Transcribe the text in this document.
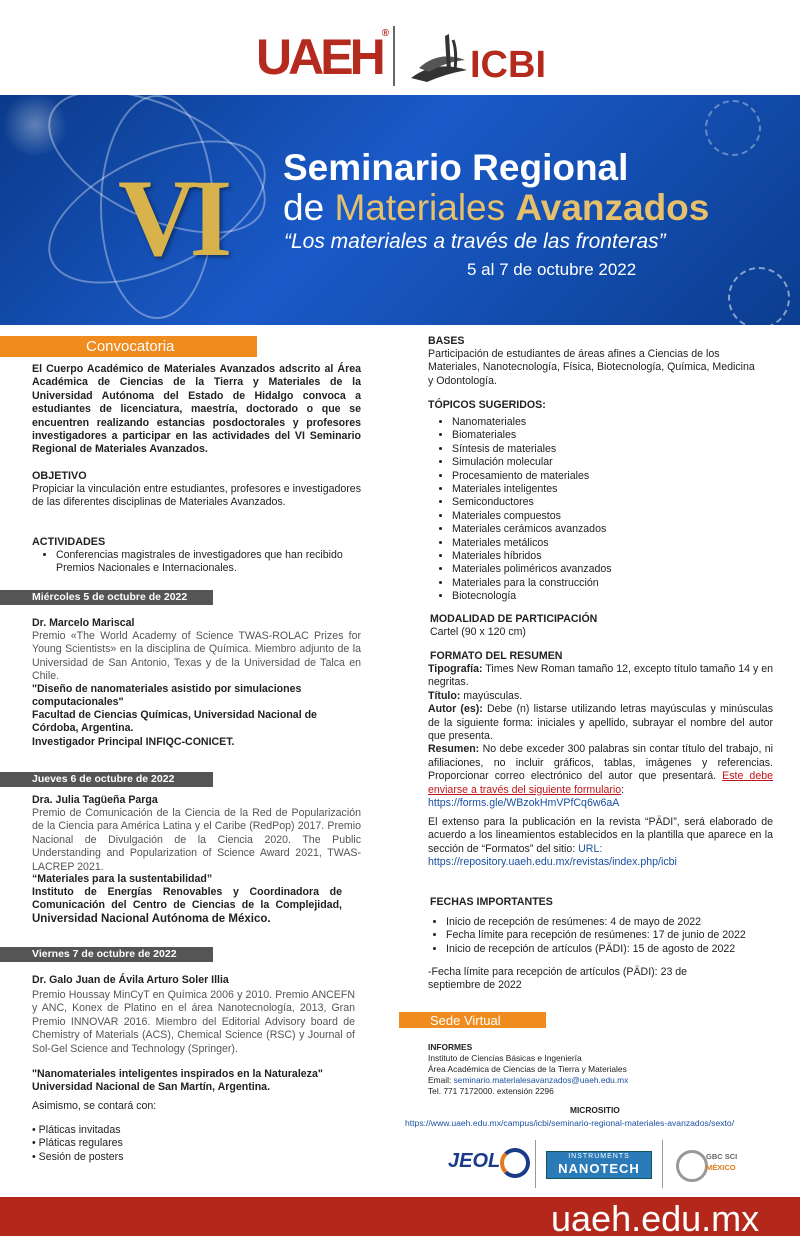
UAEH®
ICBI
VI Seminario Regional
de Materiales Avanzados
“Los materiales a través de las fronteras”
5 al 7 de octubre 2022
Convocatoria
El Cuerpo Académico de Materiales Avanzados adscrito al Área Académica de Ciencias de la Tierra y Materiales de la Universidad Autónoma del Estado de Hidalgo convoca a estudiantes de licenciatura, maestría, doctorado o que se encuentren realizando estancias posdoctorales y profesores investigadores a participar en las actividades del VI Seminario Regional de Materiales Avanzados.
OBJETIVO
Propiciar la vinculación entre estudiantes, profesores e investigadores de las diferentes disciplinas de Materiales Avanzados.
ACTIVIDADES
• Conferencias magistrales de investigadores que han recibido Premios Nacionales e Internacionales.
Miércoles 5 de octubre de 2022
Dr. Marcelo Mariscal
Premio «The World Academy of Science TWAS-ROLAC Prizes for Young Scientists» en la disciplina de Química. Miembro adjunto de la Universidad de San Antonio, Texas y de la Universidad de Talca en Chile.
"Diseño de nanomateriales asistido por simulaciones computacionales"
Facultad de Ciencias Químicas, Universidad Nacional de Córdoba, Argentina.
Investigador Principal INFIQC-CONICET.
Jueves 6 de octubre de 2022
Dra. Julia Tagüeña Parga
Premio de Comunicación de la Ciencia de la Red de Popularización de la Ciencia para América Latina y el Caribe (RedPop) 2017. Premio Nacional de Divulgación de la Ciencia 2020. The Public Understanding and Popularization of Science Award 2021, TWAS-LACREP 2021.
“Materiales para la sustentabilidad”
Instituto de Energías Renovables y Coordinadora de Comunicación del Centro de Ciencias de la Complejidad, Universidad Nacional Autónoma de México.
Viernes 7 de octubre de 2022
Dr. Galo Juan de Ávila Arturo Soler Illia
Premio Houssay MinCyT en Química 2006 y 2010. Premio ANCEFN y ANC, Konex de Platino en el área Nanotecnología, 2013, Gran Premio INNOVAR 2016. Miembro del Editorial Advisory board de Chemistry of Materials (ACS), Chemical Science (RSC) y Journal of Sol-Gel Science and Technology (Springer).
"Nanomateriales inteligentes inspirados en la Naturaleza"
Universidad Nacional de San Martín, Argentina.
Asimismo, se contará con:
• Pláticas invitadas
• Pláticas regulares
• Sesión de posters
BASES
Participación de estudiantes de áreas afines a Ciencias de los Materiales, Nanotecnología, Física, Biotecnología, Química, Medicina y Odontología.
TÓPICOS SUGERIDOS:
• Nanomateriales
• Biomateriales
• Síntesis de materiales
• Simulación molecular
• Procesamiento de materiales
• Materiales inteligentes
• Semiconductores
• Materiales compuestos
• Materiales cerámicos avanzados
• Materiales metálicos
• Materiales híbridos
• Materiales poliméricos avanzados
• Materiales para la construcción
• Biotecnología
MODALIDAD DE PARTICIPACIÓN
Cartel (90 x 120 cm)
FORMATO DEL RESUMEN
Tipografía: Times New Roman tamaño 12, excepto título tamaño 14 y en negritas.
Título: mayúsculas.
Autor (es): Debe (n) listarse utilizando letras mayúsculas y minúsculas de la siguiente forma: iniciales y apellido, subrayar el nombre del autor que presenta.
Resumen: No debe exceder 300 palabras sin contar título del trabajo, ni afiliaciones, no incluir gráficos, tablas, imágenes y referencias. Proporcionar correo electrónico del autor que presentará. Este debe enviarse a través del siguiente formulario:
https://forms.gle/WBzokHmVPfCq6w6aA
El extenso para la publicación en la revista “PÄDI”, será elaborado de acuerdo a los lineamientos establecidos en la plantilla que aparece en la sección de “Formatos” del sitio: URL:
https://repository.uaeh.edu.mx/revistas/index.php/icbi
FECHAS IMPORTANTES
• Inicio de recepción de resúmenes: 4 de mayo de 2022
• Fecha límite para recepción de resúmenes: 17 de junio de 2022
• Inicio de recepción de artículos (PÄDI): 15 de agosto de 2022
-Fecha límite para recepción de artículos (PÄDI): 23 de septiembre de 2022
Sede Virtual
INFORMES
Instituto de Ciencias Básicas e Ingeniería
Área Académica de Ciencias de la Tierra y Materiales
Email: seminario.materialesavanzados@uaeh.edu.mx
Tel. 771 7172000. extensión 2296
MICROSITIO
https://www.uaeh.edu.mx/campus/icbi/seminario-regional-materiales-avanzados/sexto/
JEOL	INSTRUMENTS
NANOTECH
GBC SCI
MÉXICO
uaeh.edu.mx
